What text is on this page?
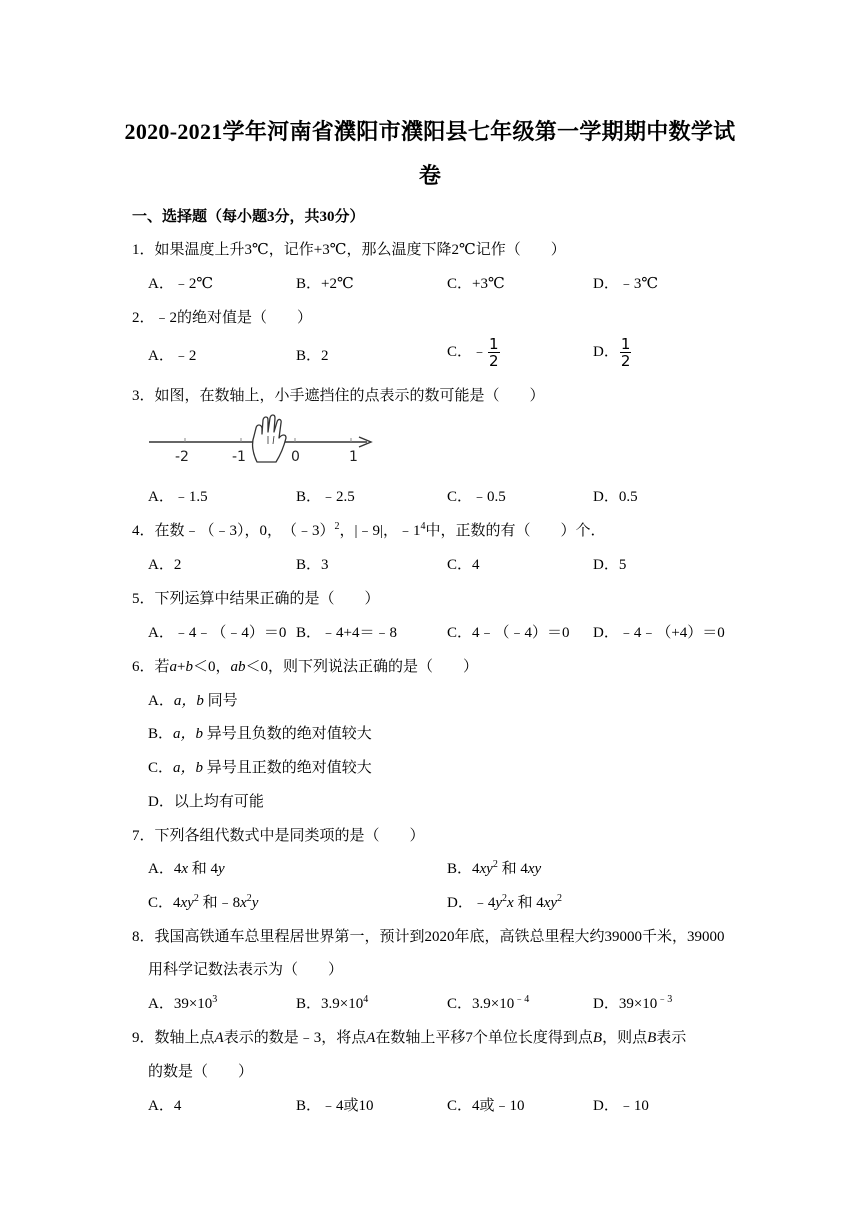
2020-2021学年河南省濮阳市濮阳县七年级第一学期期中数学试
卷
一、选择题（每小题3分，共30分）
1．如果温度上升3℃，记作+3℃，那么温度下降2℃记作（　　）
A．﹣2℃	B．+2℃	C．+3℃	D．﹣3℃
2．﹣2的绝对值是（　　）
A．﹣2	B．2	C．﹣ $\frac{1}{2}$	D． $\frac{1}{2}$
3．如图，在数轴上，小手遮挡住的点表示的数可能是（　　）
-2	-1	0	1
A．﹣1.5	B．﹣2.5	C．﹣0.5	D．0.5
4．在数﹣（﹣3），0，　（﹣3）$^2$，|﹣9|，$﹣1^4$中，正数的有（　　）个．
A．2	B．3	C．4	D．5
5．下列运算中结果正确的是（　　）
A．﹣4﹣（﹣4）＝0 B．﹣4+4＝﹣8	C．4﹣（﹣4）＝0 D．﹣4﹣（+4）＝0
6．若a+b＜0，ab＜0，则下列说法正确的是（　　）
A．a，b 同号
B．a，b 异号且负数的绝对值较大
C．a，b 异号且正数的绝对值较大
D．以上均有可能
7．下列各组代数式中是同类项的是（　　）
A．4x 和 4y	B．$4xy^2$ 和 4xy
C．$4xy^2$ 和$﹣8x^2y$	D．$﹣4y^2x$ 和 $4xy^2$
8．我国高铁通车总里程居世界第一，预计到2020年底，高铁总里程大约39000千米，39000
用科学记数法表示为（　　）
A．$39\times 10^3$	B．$3.9\times 10^4$	C．$3.9\times 10^{﹣4}$	D．$39\times 10^{﹣3}$
9．数轴上点A表示的数是﹣3，将点A在数轴上平移7个单位长度得到点B，则点B表示
的数是（　　）
A．4	B．﹣4或10	C．4或﹣10	D．﹣10
